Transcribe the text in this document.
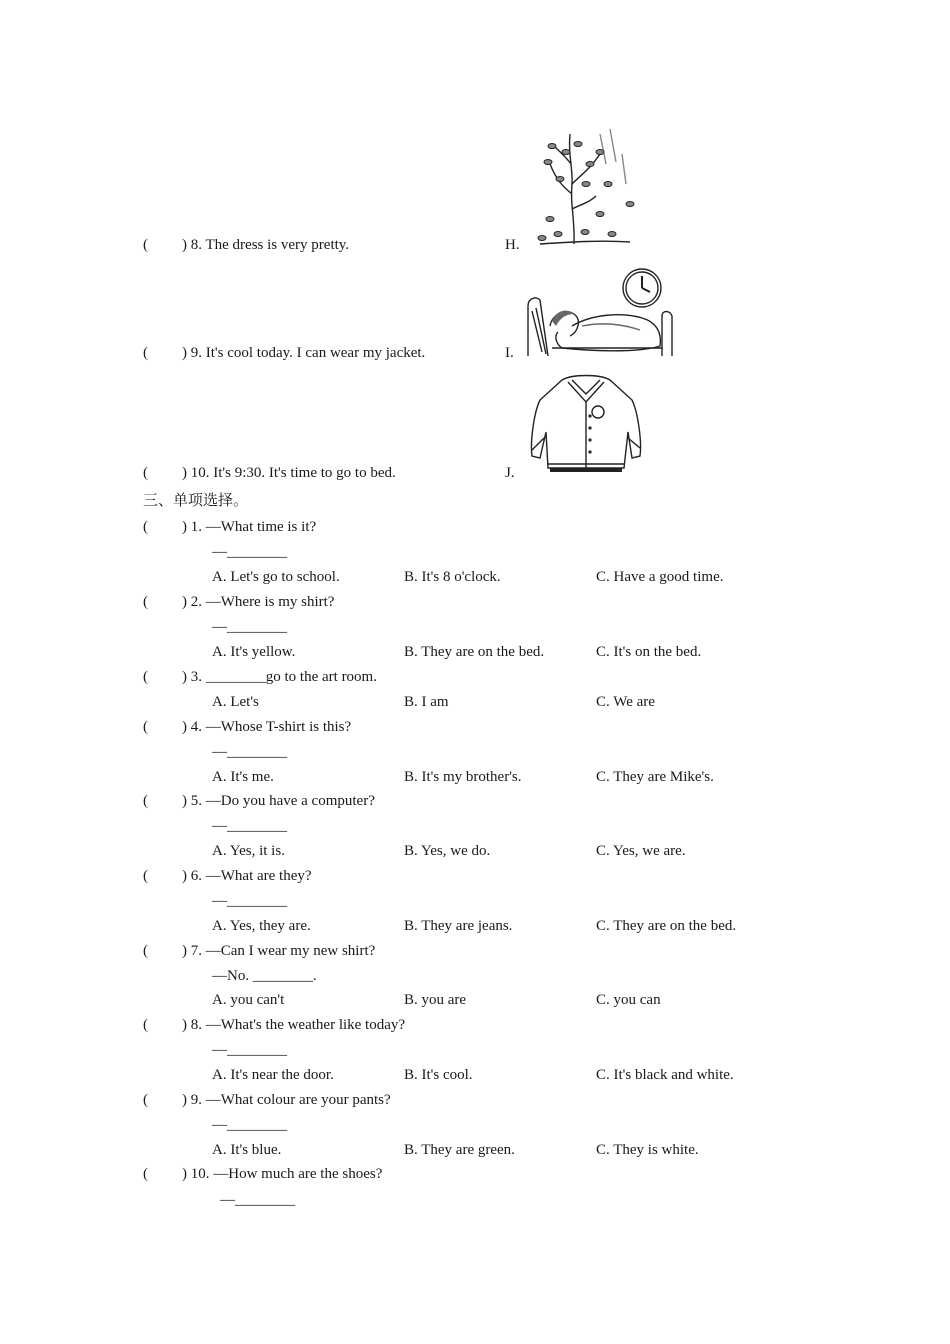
( ) 8. The dress is very pretty.	H.
( ) 9. It's cool today. I can wear my jacket.	I.
( ) 10. It's 9:30. It's time to go to bed.	J.
三、单项选择。
( ) 1. —What time is it?
—________
A. Let's go to school.	B. It's 8 o'clock.	C. Have a good time.
( ) 2. —Where is my shirt?
—________
A. It's yellow.	B. They are on the bed.	C. It's on the bed.
( ) 3. ________go to the art room.
A. Let's	B. I am	C. We are
( ) 4. —Whose T-shirt is this?
—________
A. It's me.	B. It's my brother's.	C. They are Mike's.
( ) 5. —Do you have a computer?
—________
A. Yes, it is.	B. Yes, we do.	C. Yes, we are.
( ) 6. —What are they?
—________
A. Yes, they are.	B. They are jeans.	C. They are on the bed.
( ) 7. —Can I wear my new shirt?
—No. ________.
A. you can't	B. you are	C. you can
( ) 8. —What's the weather like today?
—________
A. It's near the door.	B. It's cool.	C. It's black and white.
( ) 9. —What colour are your pants?
—________
A. It's blue.	B. They are green.	C. They is white.
( ) 10. —How much are the shoes?
—________
